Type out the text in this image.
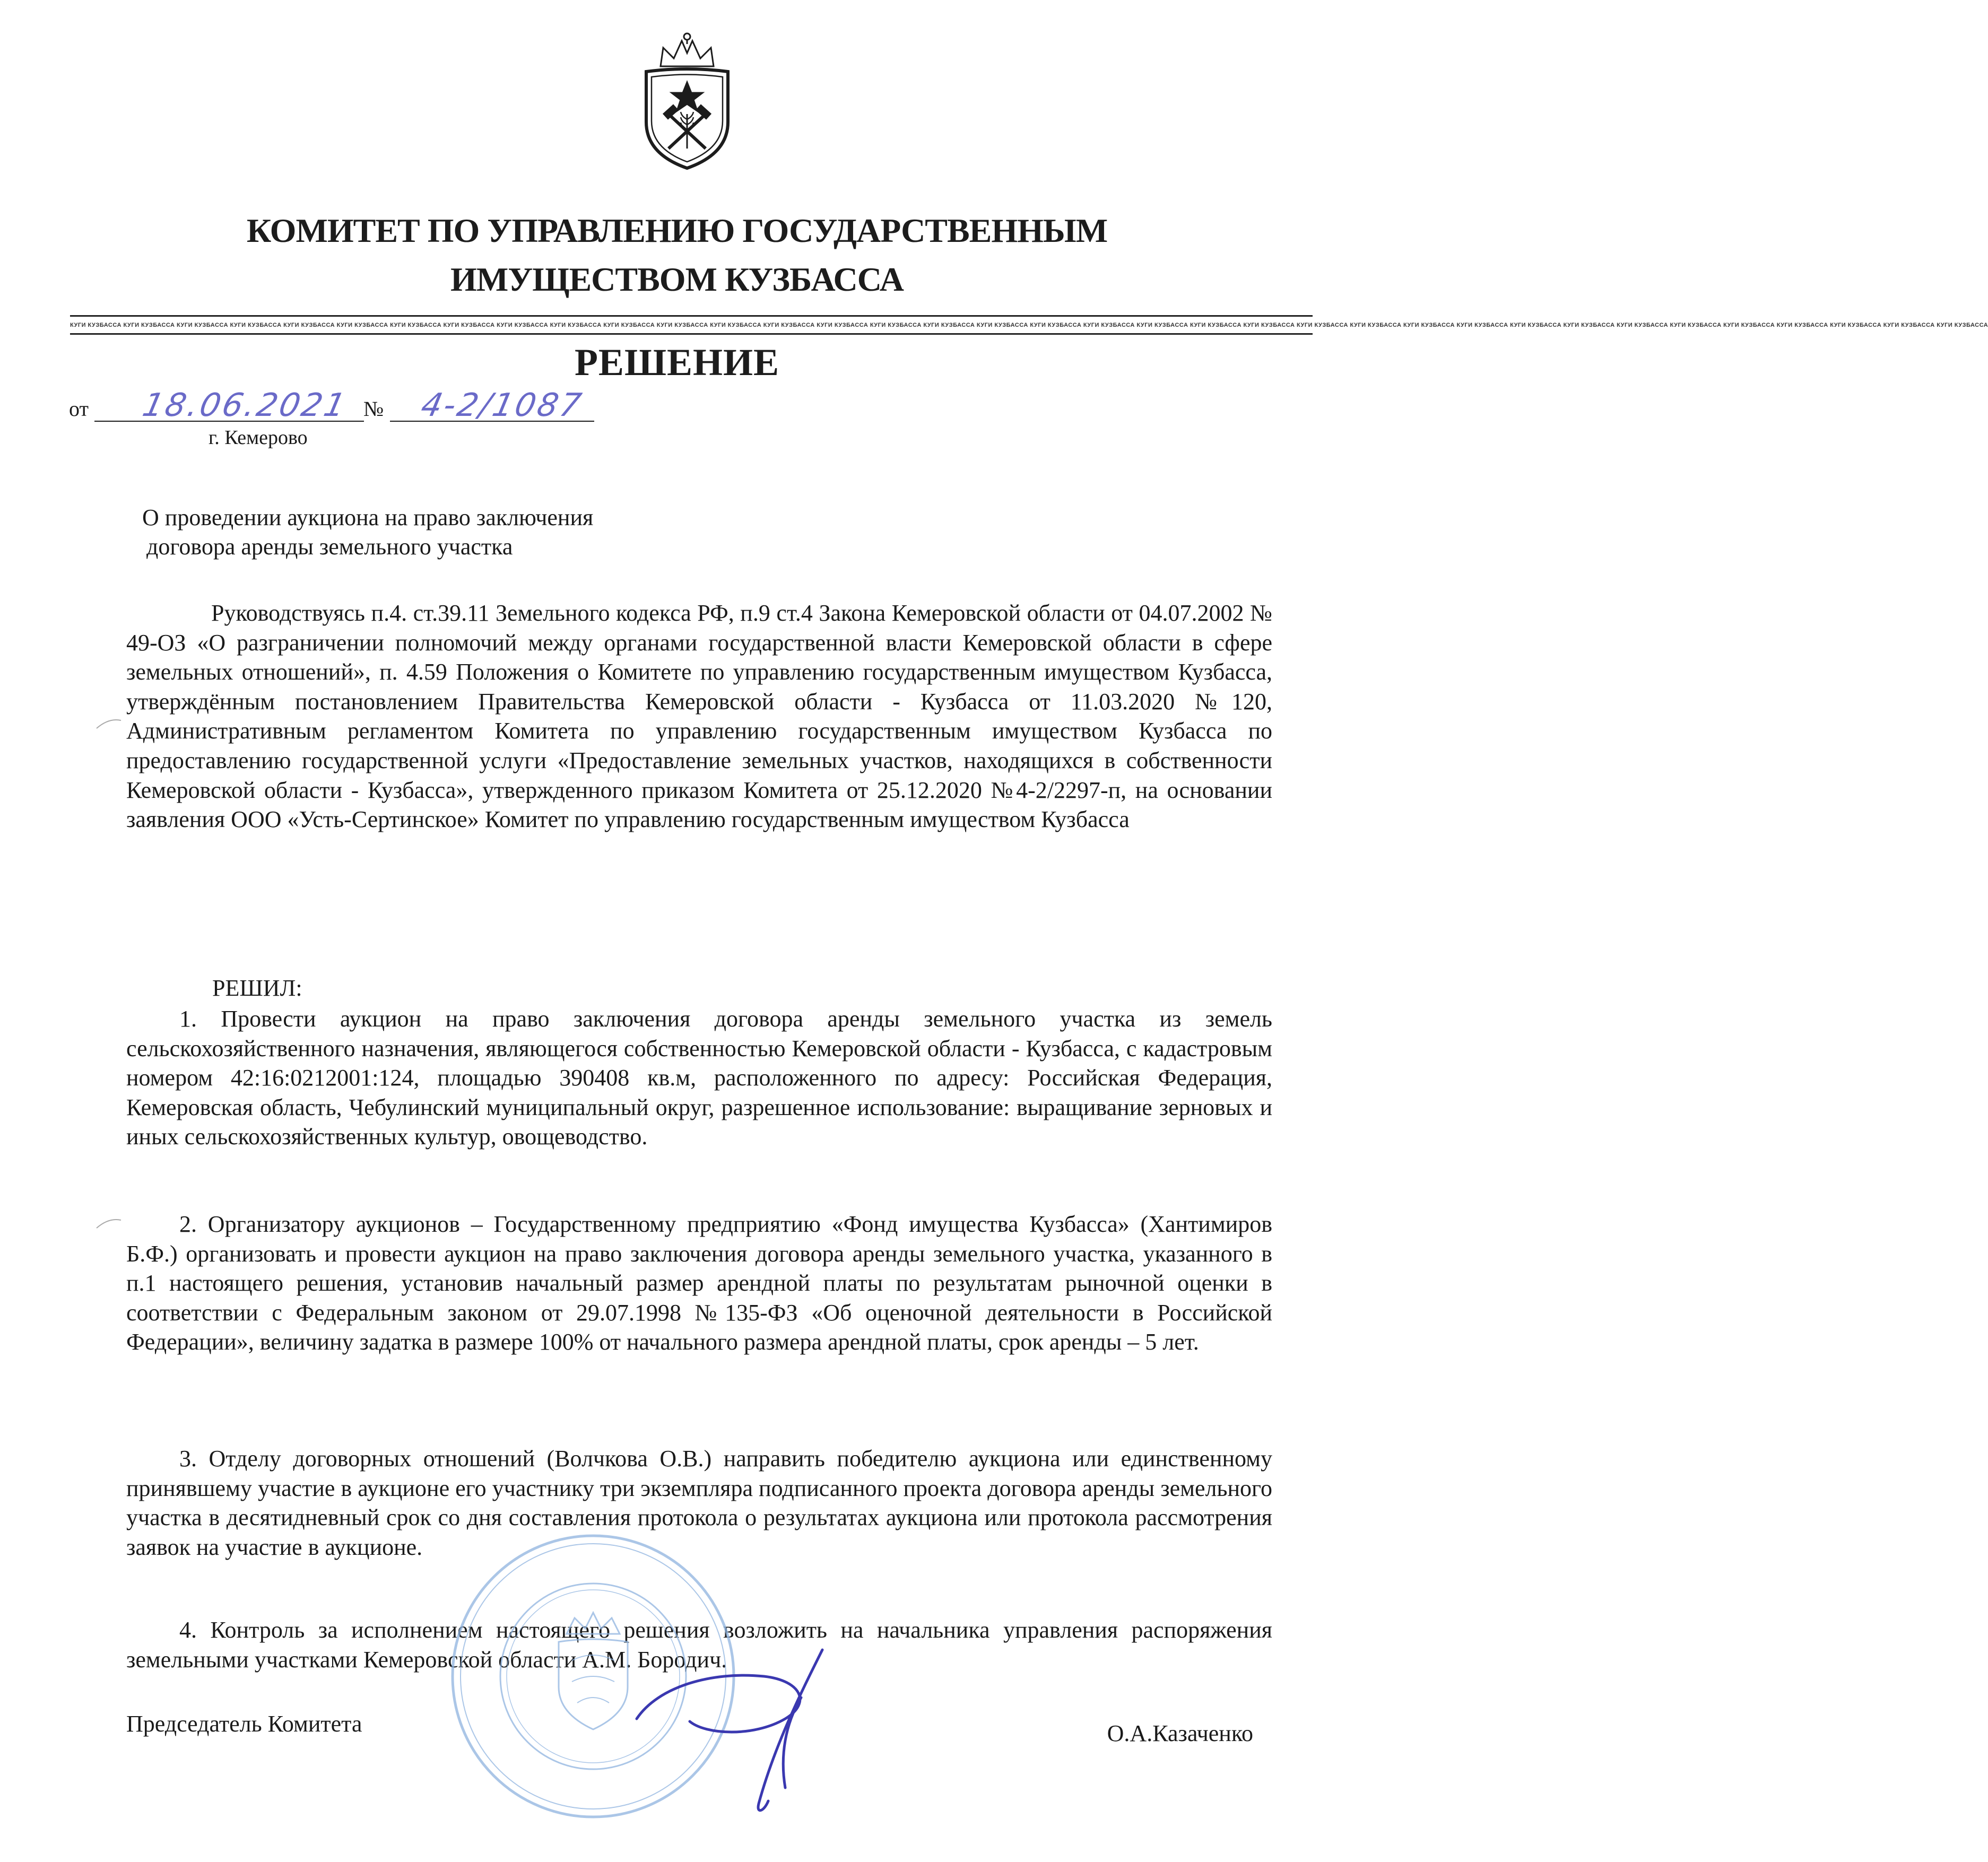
КОМИТЕТ ПО УПРАВЛЕНИЮ ГОСУДАРСТВЕННЫМ
ИМУЩЕСТВОМ КУЗБАССА
КУГИ КУЗБАССА КУГИ КУЗБАССА КУГИ КУЗБАССА КУГИ КУЗБАССА КУГИ КУЗБАССА КУГИ КУЗБАССА КУГИ КУЗБАССА КУГИ КУЗБАССА КУГИ КУЗБАССА КУГИ КУЗБАССА КУГИ КУЗБАССА КУГИ КУЗБАССА КУГИ КУЗБАССА КУГИ КУЗБАССА КУГИ КУЗБАССА КУГИ КУЗБАССА КУГИ КУЗБАССА КУГИ КУЗБАССА КУГИ КУЗБАССА КУГИ КУЗБАССА КУГИ КУЗБАССА КУГИ КУЗБАССА КУГИ КУЗБАССА КУГИ КУЗБАССА КУГИ КУЗБАССА КУГИ КУЗБАССА КУГИ КУЗБАССА КУГИ КУЗБАССА КУГИ КУЗБАССА КУГИ КУЗБАССА КУГИ КУЗБАССА КУГИ КУЗБАССА КУГИ КУЗБАССА КУГИ КУЗБАССА КУГИ КУЗБАССА КУГИ КУЗБАССА
РЕШЕНИЕ
от 18.06.2021 № 4-2/1087
г. Кемерово
О проведении аукциона на право заключения
договора аренды земельного участка
Руководствуясь п.4. ст.39.11 Земельного кодекса РФ, п.9 ст.4 Закона Кемеровской области от 04.07.2002 № 49-ОЗ «О разграничении полномочий между органами государственной власти Кемеровской области в сфере земельных отношений», п. 4.59 Положения о Комитете по управлению государственным имуществом Кузбасса, утверждённым постановлением Правительства Кемеровской области - Кузбасса от 11.03.2020 №120, Административным регламентом Комитета по управлению государственным имуществом Кузбасса по предоставлению государственной услуги «Предоставление земельных участков, находящихся в собственности Кемеровской области - Кузбасса», утвержденного приказом Комитета от 25.12.2020 №4-2/2297-п, на основании заявления ООО «Усть-Сертинское» Комитет по управлению государственным имуществом Кузбасса
РЕШИЛ:
1. Провести аукцион на право заключения договора аренды земельного участка из земель сельскохозяйственного назначения, являющегося собственностью Кемеровской области - Кузбасса, с кадастровым номером 42:16:0212001:124, площадью 390408 кв.м, расположенного по адресу: Российская Федерация, Кемеровская область, Чебулинский муниципальный округ, разрешенное использование: выращивание зерновых и иных сельскохозяйственных культур, овощеводство.
2. Организатору аукционов – Государственному предприятию «Фонд имущества Кузбасса» (Хантимиров Б.Ф.) организовать и провести аукцион на право заключения договора аренды земельного участка, указанного в п.1 настоящего решения, установив начальный размер арендной платы по результатам рыночной оценки в соответствии с Федеральным законом от 29.07.1998 №135-ФЗ «Об оценочной деятельности в Российской Федерации», величину задатка в размере 100% от начального размера арендной платы, срок аренды – 5 лет.
3. Отделу договорных отношений (Волчкова О.В.) направить победителю аукциона или единственному принявшему участие в аукционе его участнику три экземпляра подписанного проекта договора аренды земельного участка в десятидневный срок со дня составления протокола о результатах аукциона или протокола рассмотрения заявок на участие в аукционе.
4. Контроль за исполнением настоящего решения возложить на начальника управления распоряжения земельными участками Кемеровской области А.М. Бородич.
Председатель Комитета	О.А.Казаченко
